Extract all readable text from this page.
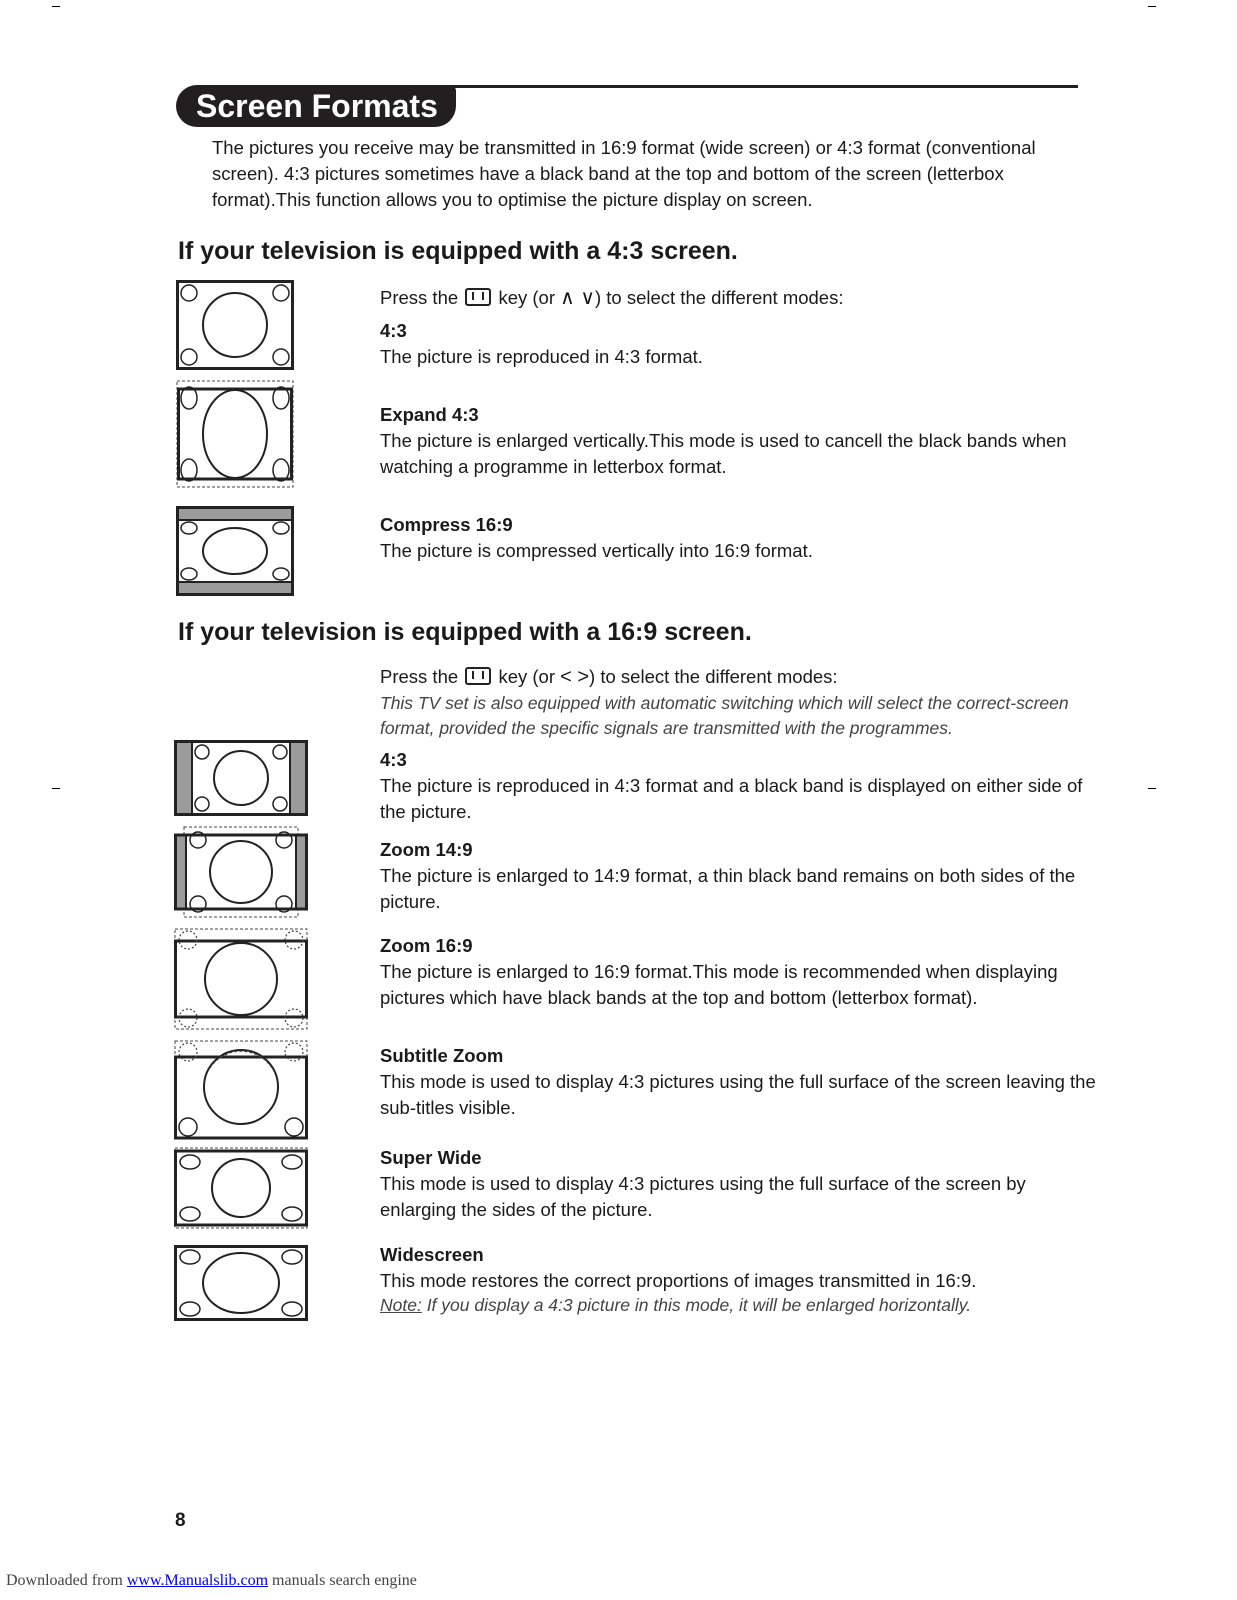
Screen Formats

The pictures you receive may be transmitted in 16:9 format (wide screen) or 4:3 format (conventional screen). 4:3 pictures sometimes have a black band at the top and bottom of the screen (letterbox format).This function allows you to optimise the picture display on screen.

If your television is equipped with a 4:3 screen.

Press the key (or ∧ ∨) to select the different modes:

4:3

The picture is reproduced in 4:3 format.

Expand 4:3

The picture is enlarged vertically.This mode is used to cancell the black bands when watching a programme in letterbox format.

Compress 16:9

The picture is compressed vertically into 16:9 format.

If your television is equipped with a 16:9 screen.

Press the key (or < >) to select the different modes:

This TV set is also equipped with automatic switching which will select the correct-screen format, provided the specific signals are transmitted with the programmes.

4:3

The picture is reproduced in 4:3 format and a black band is displayed on either side of the picture.

Zoom 14:9

The picture is enlarged to 14:9 format, a thin black band remains on both sides of the picture.

Zoom 16:9

The picture is enlarged to 16:9 format.This mode is recommended when displaying pictures which have black bands at the top and bottom (letterbox format).

Subtitle Zoom

This mode is used to display 4:3 pictures using the full surface of the screen leaving the sub-titles visible.

Super Wide

This mode is used to display 4:3 pictures using the full surface of the screen by enlarging the sides of the picture.

Widescreen

This mode restores the correct proportions of images transmitted in 16:9.

Note: If you display a 4:3 picture in this mode, it will be enlarged horizontally.

8
Downloaded from www.Manualslib.com manuals search engine
